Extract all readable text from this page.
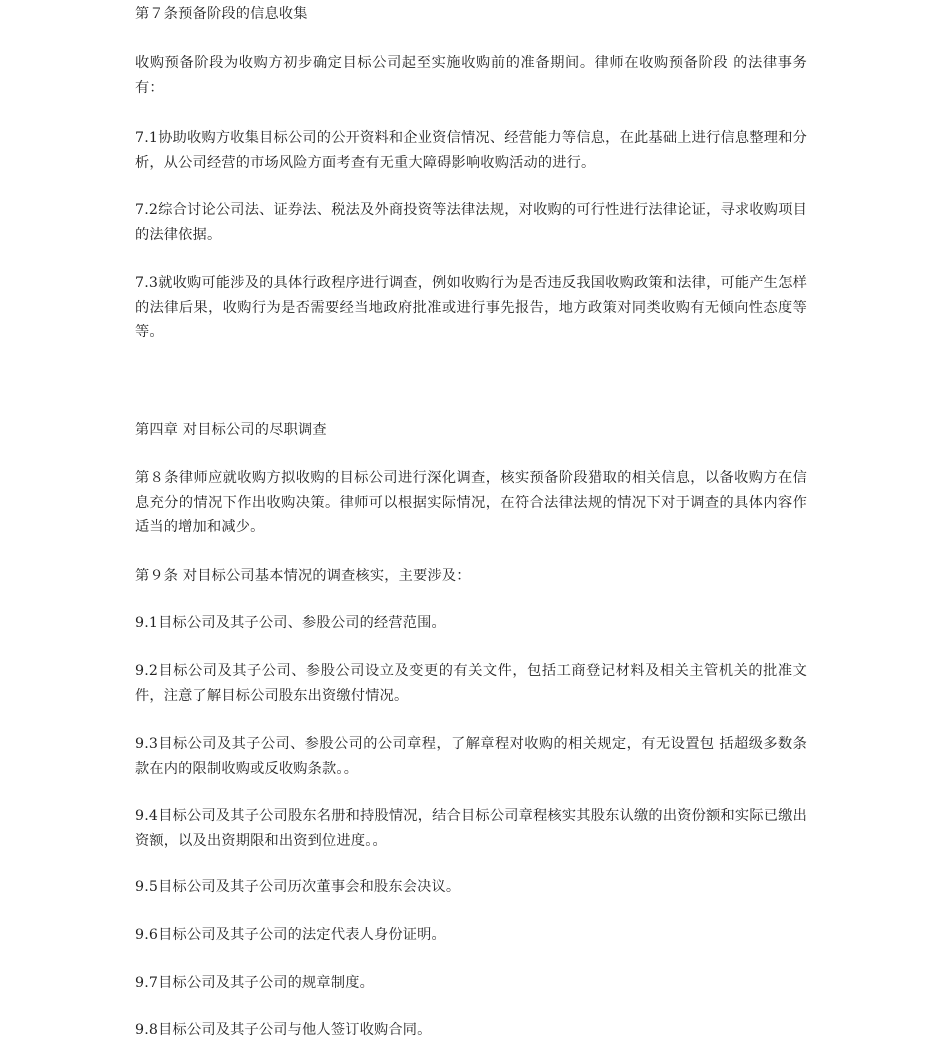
第７条预备阶段的信息收集

收购预备阶段为收购方初步确定目标公司起至实施收购前的准备期间。律师在收购预备阶段 的法律事务有：

7.1协助收购方收集目标公司的公开资料和企业资信情况、经营能力等信息，在此基础上进行信息整理和分析，从公司经营的市场风险方面考查有无重大障碍影响收购活动的进行。

7.2综合讨论公司法、证券法、税法及外商投资等法律法规，对收购的可行性进行法律论证，寻求收购项目的法律依据。

7.3就收购可能涉及的具体行政程序进行调查，例如收购行为是否违反我国收购政策和法律，可能产生怎样的法律后果，收购行为是否需要经当地政府批准或进行事先报告，地方政策对同类收购有无倾向性态度等等。

第四章 对目标公司的尽职调查

第８条律师应就收购方拟收购的目标公司进行深化调查，核实预备阶段猎取的相关信息，以备收购方在信息充分的情况下作出收购决策。律师可以根据实际情况，在符合法律法规的情况下对于调查的具体内容作适当的增加和减少。

第９条 对目标公司基本情况的调查核实，主要涉及：

9.1目标公司及其子公司、参股公司的经营范围。

9.2目标公司及其子公司、参股公司设立及变更的有关文件，包括工商登记材料及相关主管机关的批准文件，注意了解目标公司股东出资缴付情况。

9.3目标公司及其子公司、参股公司的公司章程，了解章程对收购的相关规定，有无设置包 括超级多数条款在内的限制收购或反收购条款。。

9.4目标公司及其子公司股东名册和持股情况，结合目标公司章程核实其股东认缴的出资份额和实际已缴出资额，以及出资期限和出资到位进度。。

9.5目标公司及其子公司历次董事会和股东会决议。

9.6目标公司及其子公司的法定代表人身份证明。

9.7目标公司及其子公司的规章制度。

9.8目标公司及其子公司与他人签订收购合同。
